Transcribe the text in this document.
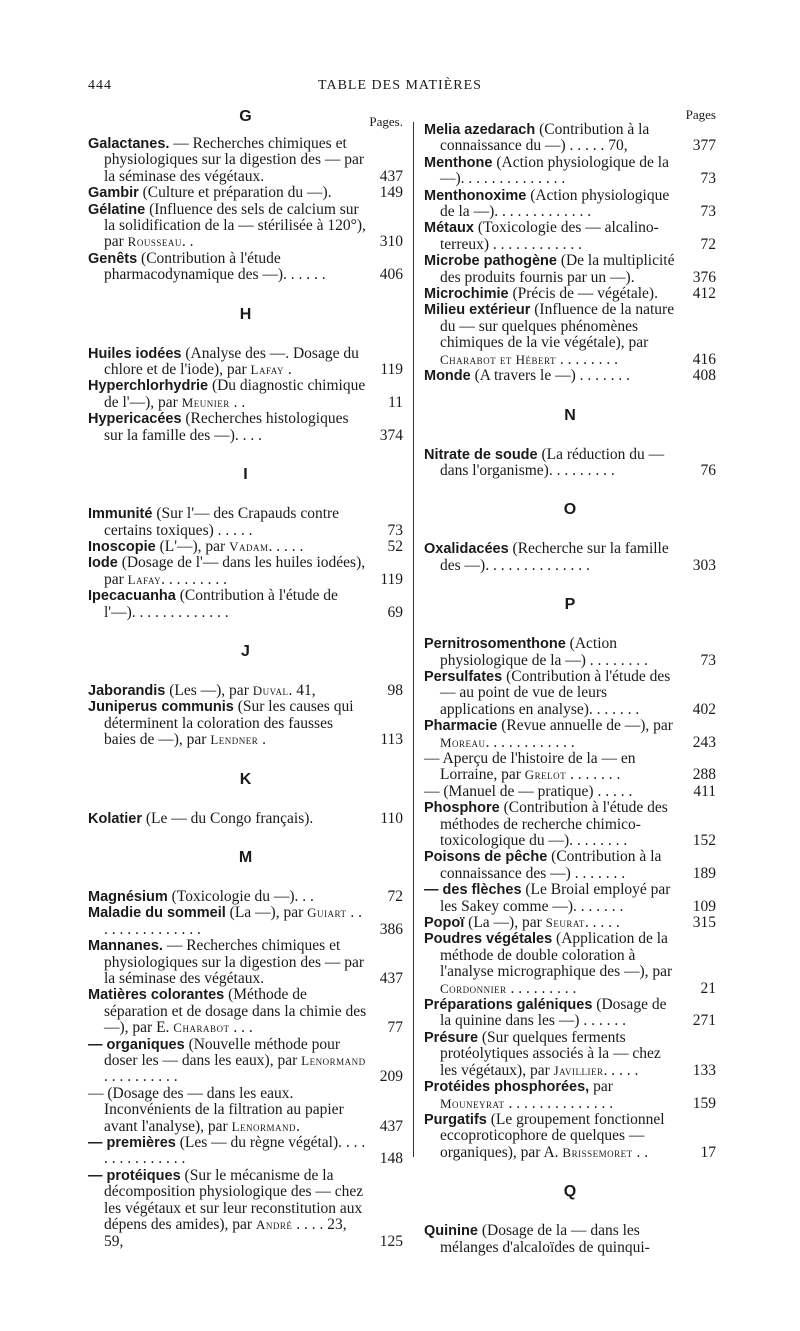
444	TABLE DES MATIÈRES

G	Pages.
Galactanes. — Recherches chimiques et physiologiques sur la digestion des — par la séminase des végétaux.	437
Gambir (Culture et préparation du —).	149
Gélatine (Influence des sels de calcium sur la solidification de la — stérilisée à 120°), par Rousseau. .	310
Genêts (Contribution à l'étude pharmacodynamique des —). . . . . .	406

H

Huiles iodées (Analyse des —. Dosage du chlore et de l'iode), par Lafay .	119
Hyperchlorhydrie (Du diagnostic chimique de l'—), par Meunier . .	11
Hypericacées (Recherches histologiques sur la famille des —). . . .	374

I

Immunité (Sur l'— des Crapauds contre certains toxiques) . . . . .	73
Inoscopie (L'—), par Vadam. . . . .	52
Iode (Dosage de l'— dans les huiles iodées), par Lafay. . . . . . . . .	119
Ipecacuanha (Contribution à l'étude de l'—). . . . . . . . . . . . .	69

J

Jaborandis (Les —), par Duval. 41,	98
Juniperus communis (Sur les causes qui déterminent la coloration des fausses baies de —), par Lendner .	113

K

Kolatier (Le — du Congo français).	110

M

Magnésium (Toxicologie du —). . .	72
Maladie du sommeil (La —), par Guiart . . . . . . . . . . . . . . .	386
Mannanes. — Recherches chimiques et physiologiques sur la digestion des — par la séminase des végétaux.	437
Matières colorantes (Méthode de séparation et de dosage dans la chimie des —), par E. Charabot . . .	77
— organiques (Nouvelle méthode pour doser les — dans les eaux), par Lenormand . . . . . . . . . .	209
— (Dosage des — dans les eaux. Inconvénients de la filtration au papier avant l'analyse), par Lenormand.	437
— premières (Les — du règne végétal). . . . . . . . . . . . . . .	148
— protéiques (Sur le mécanisme de la décomposition physiologique des — chez les végétaux et sur leur reconstitution aux dépens des amides), par André . . . . 23, 59,	125
Pages
Melia azedarach (Contribution à la connaissance du —) . . . . . 70,	377
Menthone (Action physiologique de la —). . . . . . . . . . . . . .	73
Menthonoxime (Action physiologique de la —). . . . . . . . . . . . .	73
Métaux (Toxicologie des — alcalino-terreux) . . . . . . . . . . . .	72
Microbe pathogène (De la multiplicité des produits fournis par un —).	376
Microchimie (Précis de — végétale). 412
Milieu extérieur (Influence de la nature du — sur quelques phénomènes chimiques de la vie végétale), par Charabot et Hébert . . . . . . . .	416
Monde (A travers le —) . . . . . . .	408

N

Nitrate de soude (La réduction du — dans l'organisme). . . . . . . . .	76

O

Oxalidacées (Recherche sur la famille des —). . . . . . . . . . . . . .	303

P

Pernitrosomenthone (Action physiologique de la —) . . . . . . . .	73
Persulfates (Contribution à l'étude des — au point de vue de leurs applications en analyse). . . . . . .	402
Pharmacie (Revue annuelle de —), par Moreau. . . . . . . . . . . .	243
— Aperçu de l'histoire de la — en Lorraine, par Grelot . . . . . . .	288
— (Manuel de — pratique) . . . . .	411
Phosphore (Contribution à l'étude des méthodes de recherche chimico-toxicologique du —). . . . . . . .	152
Poisons de pêche (Contribution à la connaissance des —) . . . . . . .	189
— des flèches (Le Broial employé par les Sakey comme —). . . . . . .	109
Popoï (La —), par Seurat. . . . .	315
Poudres végétales (Application de la méthode de double coloration à l'analyse micrographique des —), par Cordonnier . . . . . . . . .	21
Préparations galéniques (Dosage de la quinine dans les —) . . . . . .	271
Présure (Sur quelques ferments protéolytiques associés à la — chez les végétaux), par Javillier. . . . .	133
Protéides phosphorées, par Mouneyrat . . . . . . . . . . . . . .	159
Purgatifs (Le groupement fonctionnel eccoproticophore de quelques — organiques), par A. Brissemoret . .	17

Q

Quinine (Dosage de la — dans les mélanges d'alcaloïdes de quinqui-
